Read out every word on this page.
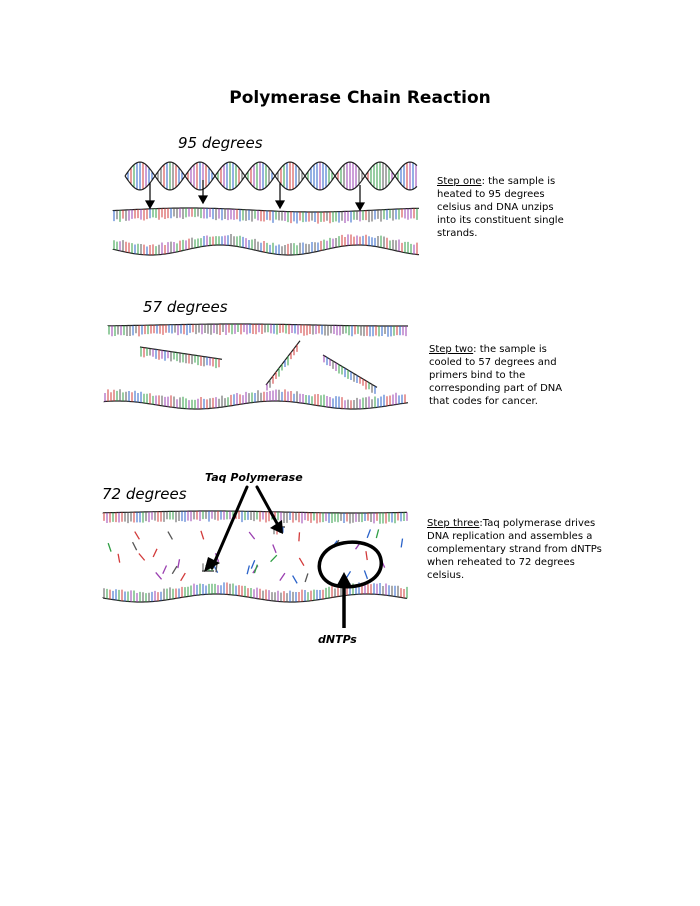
Polymerase Chain Reaction
95 degrees
57 degrees
72 degrees
Step one: the sample is heated to 95 degrees celsius and DNA unzips into its constituent single strands.
Step two: the sample is cooled to 57 degrees and primers bind to the corresponding part of DNA that codes for cancer.
Step three:Taq polymerase drives DNA replication and assembles a complementary strand from dNTPs when reheated to 72 degrees celsius.
Taq Polymerase
dNTPs
